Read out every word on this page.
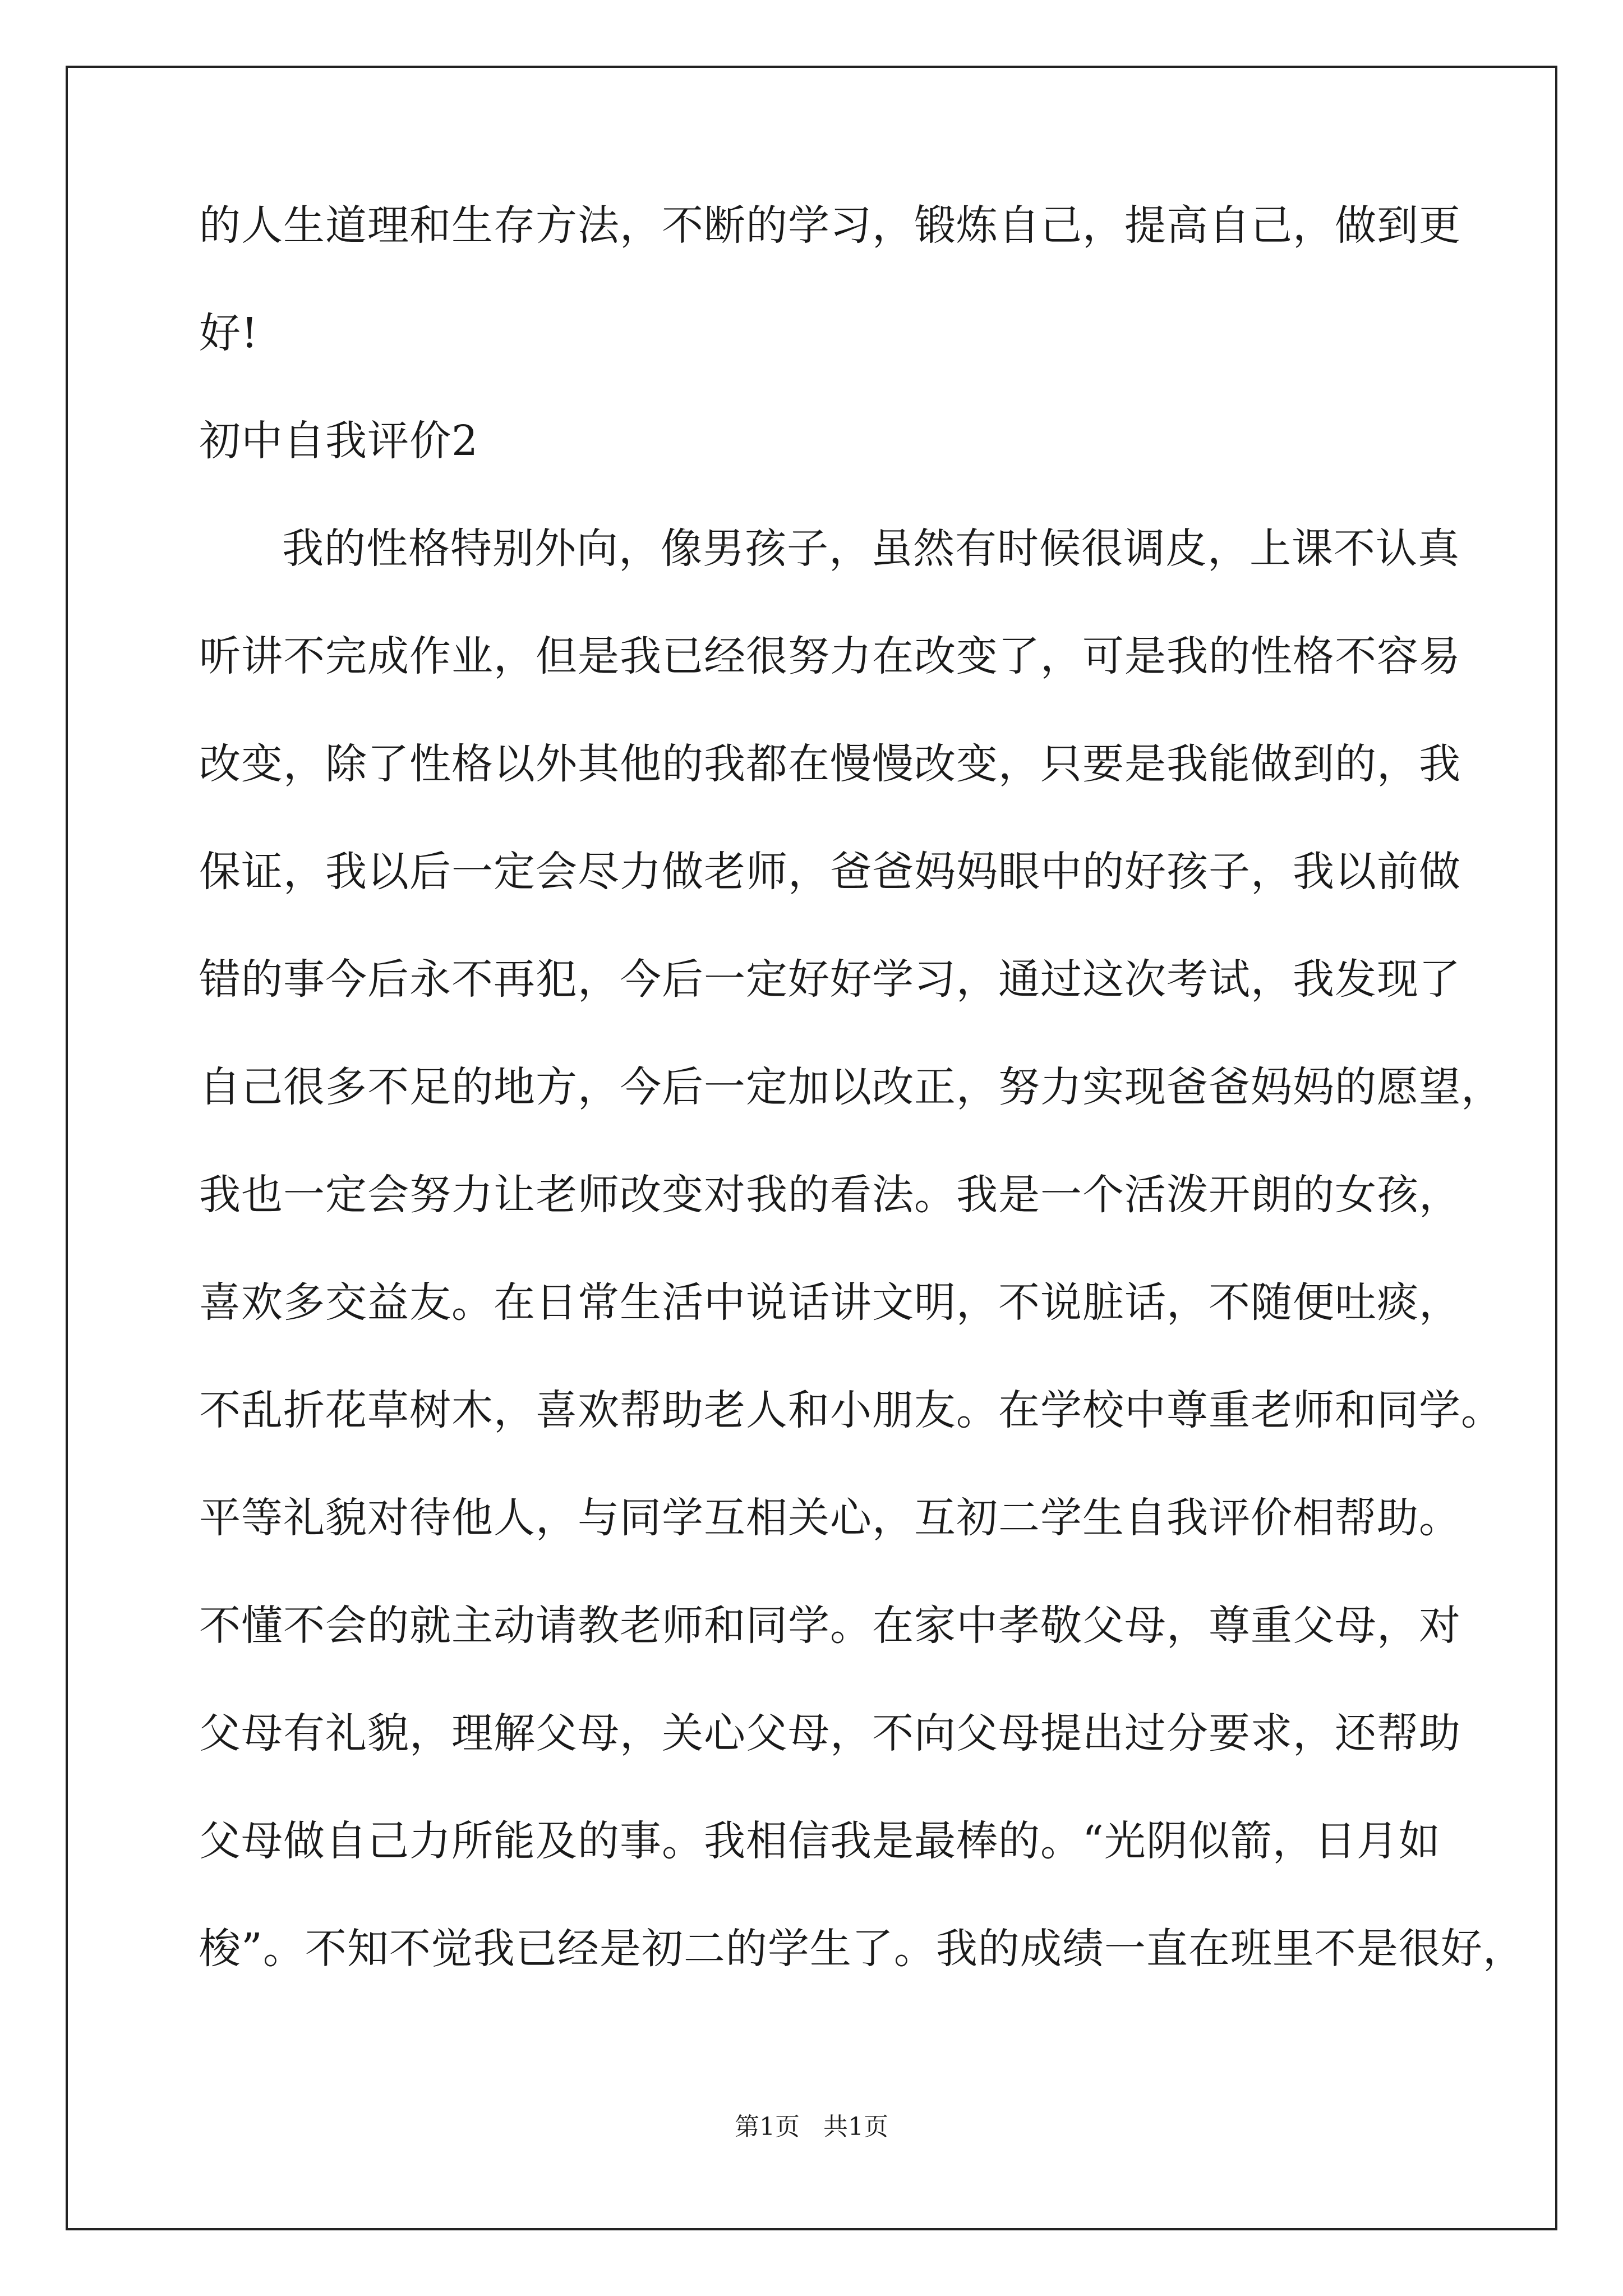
的人生道理和生存方法，不断的学习，锻炼自己，提高自己，做到更
好!
初中自我评价2
我的性格特别外向，像男孩子，虽然有时候很调皮，上课不认真
听讲不完成作业，但是我已经很努力在改变了，可是我的性格不容易
改变，除了性格以外其他的我都在慢慢改变，只要是我能做到的，我
保证，我以后一定会尽力做老师，爸爸妈妈眼中的好孩子，我以前做
错的事今后永不再犯，今后一定好好学习，通过这次考试，我发现了
自己很多不足的地方，今后一定加以改正，努力实现爸爸妈妈的愿望，
我也一定会努力让老师改变对我的看法。我是一个活泼开朗的女孩，
喜欢多交益友。在日常生活中说话讲文明，不说脏话，不随便吐痰，
不乱折花草树木，喜欢帮助老人和小朋友。在学校中尊重老师和同学。
平等礼貌对待他人，与同学互相关心，互初二学生自我评价相帮助。
不懂不会的就主动请教老师和同学。在家中孝敬父母，尊重父母，对
父母有礼貌，理解父母，关心父母，不向父母提出过分要求，还帮助
父母做自己力所能及的事。我相信我是最棒的。“光阴似箭，日月如
梭”。不知不觉我已经是初二的学生了。我的成绩一直在班里不是很好，
第1页   共1页
